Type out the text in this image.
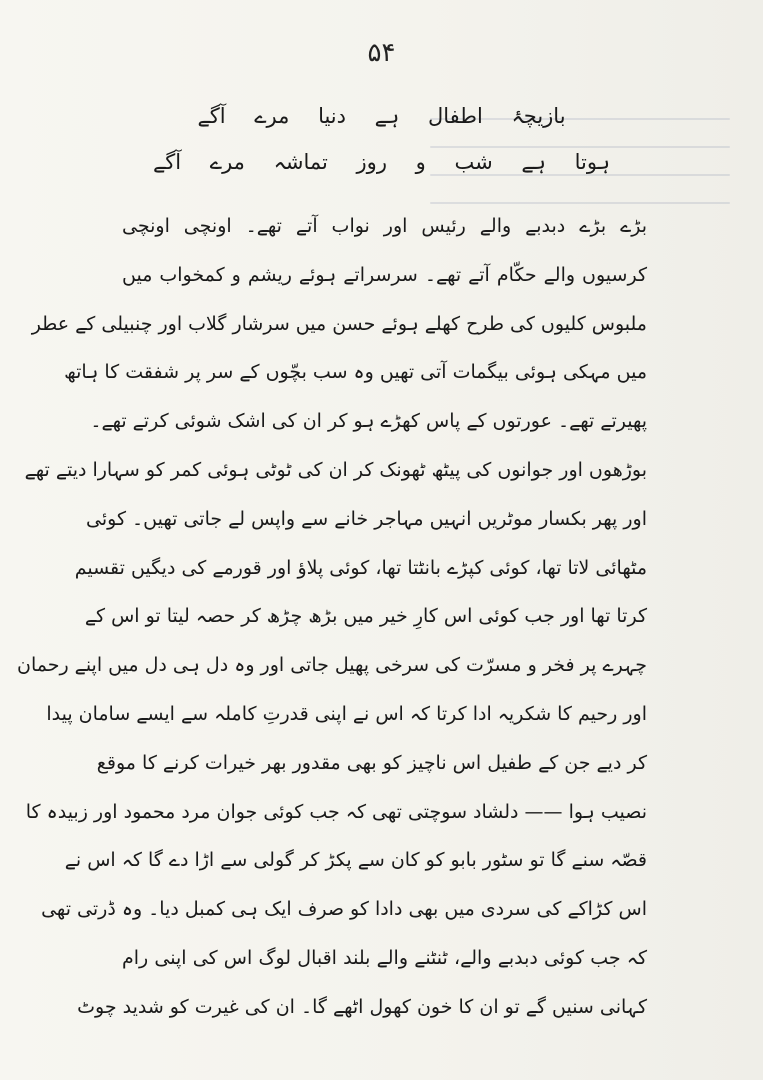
۵۴
بازیچۂ اطفال ہے دنیا مرے آگے
ہوتا ہے شب و روز تماشہ مرے آگے
بڑے بڑے دبدبے والے رئیس اور نواب آتے تھے۔ اونچی اونچی
کرسیوں والے حکّام آتے تھے۔ سرسراتے ہوئے ریشم و کمخواب میں
ملبوس کلیوں کی طرح کھلے ہوئے حسن میں سرشار گلاب اور چنبیلی کے عطر
میں مہکی ہوئی بیگمات آتی تھیں وہ سب بچّوں کے سر پر شفقت کا ہاتھ
پھیرتے تھے۔ عورتوں کے پاس کھڑے ہو کر ان کی اشک شوئی کرتے تھے۔
بوڑھوں اور جوانوں کی پیٹھ ٹھونک کر ان کی ٹوٹی ہوئی کمر کو سہارا دیتے تھے
اور پھر بکسار موٹریں انہیں مہاجر خانے سے واپس لے جاتی تھیں۔ کوئی
مٹھائی لاتا تھا، کوئی کپڑے بانٹتا تھا، کوئی پلاؤ اور قورمے کی دیگیں تقسیم
کرتا تھا اور جب کوئی اس کارِ خیر میں بڑھ چڑھ کر حصہ لیتا تو اس کے
چہرے پر فخر و مسرّت کی سرخی پھیل جاتی اور وہ دل ہی دل میں اپنے رحمان
اور رحیم کا شکریہ ادا کرتا کہ اس نے اپنی قدرتِ کاملہ سے ایسے سامان پیدا
کر دیے جن کے طفیل اس ناچیز کو بھی مقدور بھر خیرات کرنے کا موقع
نصیب ہوا —— دلشاد سوچتی تھی کہ جب کوئی جوان مرد محمود اور زبیدہ کا
قصّہ سنے گا تو سٹور بابو کو کان سے پکڑ کر گولی سے اڑا دے گا کہ اس نے
اس کڑاکے کی سردی میں بھی دادا کو صرف ایک ہی کمبل دیا۔ وہ ڈرتی تھی
کہ جب کوئی دبدبے والے، ٹنٹنے والے بلند اقبال لوگ اس کی اپنی رام
کہانی سنیں گے تو ان کا خون کھول اٹھے گا۔ ان کی غیرت کو شدید چوٹ
